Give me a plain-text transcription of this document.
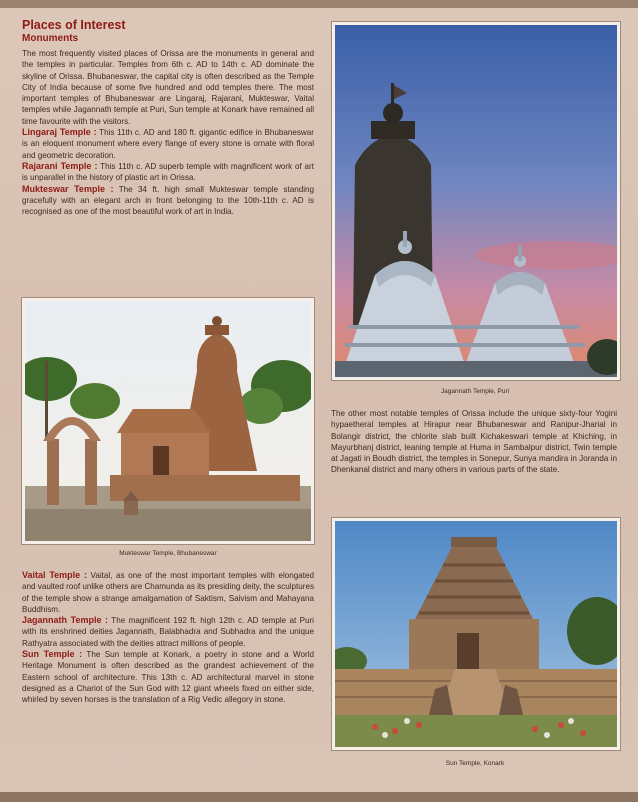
Places of Interest
Monuments

The most frequently visited places of Orissa are the monuments in general and the temples in particular. Temples from 6th c. AD to 14th c. AD dominate the skyline of Orissa. Bhubaneswar, the capital city is often described as the Temple City of India because of some five hundred and odd temples there. The most important temples of Bhubaneswar are Lingaraj, Rajarani, Mukteswar, Vaital temples while Jagannath temple at Puri, Sun temple at Konark have remained all time favourite with the visitors.

Lingaraj Temple : This 11th c. AD and 180 ft. gigantic edifice in Bhubaneswar is an eloquent monument where every flange of every stone is ornate with floral and geometric decoration.

Rajarani Temple : This 11th c. AD superb temple with magnificent work of art is unparallel in the history of plastic art in Orissa.

Mukteswar Temple : The 34 ft. high small Mukteswar temple standing gracefully with an elegant arch in front belonging to the 10th-11th c. AD is recognised as one of the most beautiful work of art in India.

Mukteswar Temple, Bhubaneswar

Vaital Temple : Vaital, as one of the most important temples with elongated and vaulted roof unlike others are Chamunda as its presiding deity, the sculptures of the temple show a strange amalgamation of Saktism, Saivism and Mahayana Buddhism.

Jagannath Temple : The magnificent 192 ft. high 12th c. AD temple at Puri with its enshrined deities Jagannath, Balabhadra and Subhadra and the unique Rathyatra associated with the deities attract millions of people.

Sun Temple : The Sun temple at Konark, a poetry in stone and a World Heritage Monument is often described as the grandest achievement of the Eastern school of architecture. This 13th c. AD architectural marvel in stone designed as a Chariot of the Sun God with 12 giant wheels fixed on either side, whirled by seven horses is the translation of a Rig Vedic allegory in stone.

Jagannath Temple, Puri

The other most notable temples of Orissa include the unique sixty-four Yogini hypaetheral temples at Hirapur near Bhubaneswar and Ranipur-Jharial in Bolangir district, the chlorite slab built Kichakeswari temple at Khiching, in Mayurbhanj district, leaning temple at Huma in Sambalpur district, Twin temple at Jagati in Boudh district, the temples in Sonepur, Sunya mandira in Joranda in Dhenkanal district and many others in various parts of the state.

Sun Temple, Konark
